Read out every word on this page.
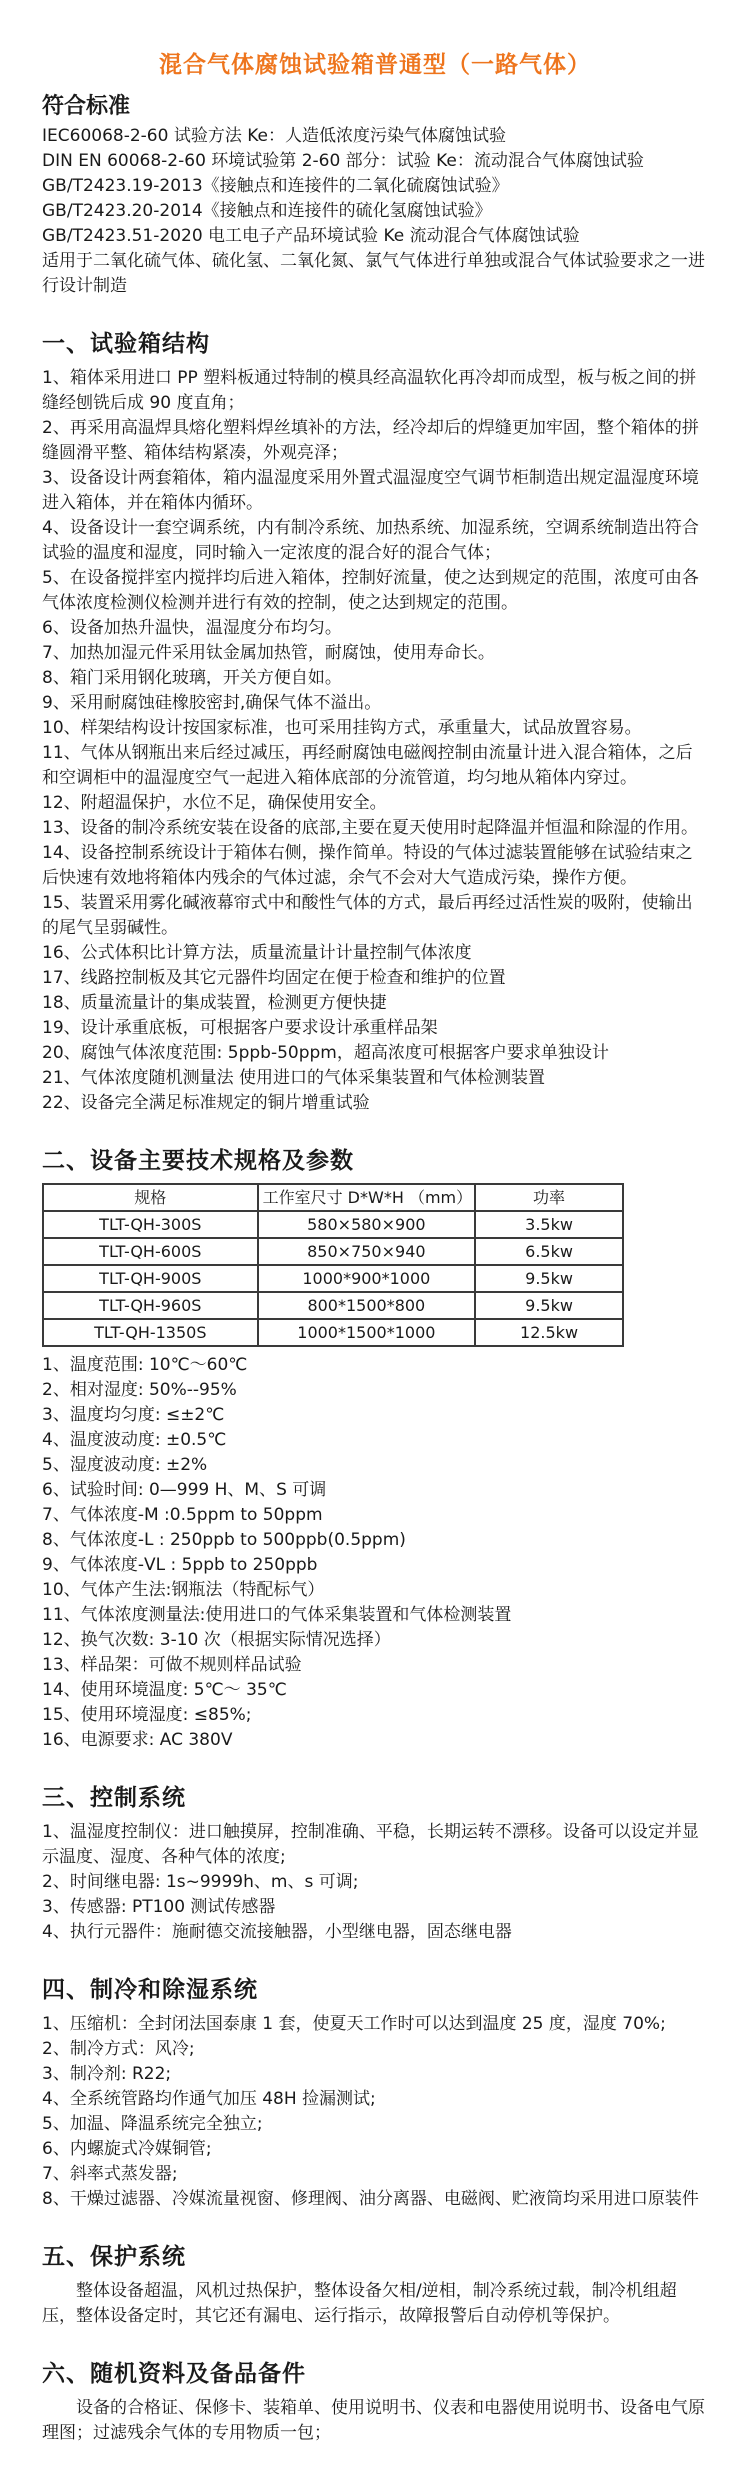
混合气体腐蚀试验箱普通型（一路气体）
符合标准

IEC60068-2-60 试验方法 Ke：人造低浓度污染气体腐蚀试验

DIN EN 60068-2-60 环境试验第 2-60 部分：试验 Ke：流动混合气体腐蚀试验

GB/T2423.19-2013《接触点和连接件的二氧化硫腐蚀试验》

GB/T2423.20-2014《接触点和连接件的硫化氢腐蚀试验》

GB/T2423.51-2020 电工电子产品环境试验 Ke 流动混合气体腐蚀试验

适用于二氧化硫气体、硫化氢、二氧化氮、氯气气体进行单独或混合气体试验要求之一进行设计制造

一、试验箱结构

1、箱体采用进口 PP 塑料板通过特制的模具经高温软化再冷却而成型，板与板之间的拼缝经刨铣后成 90 度直角；

2、再采用高温焊具熔化塑料焊丝填补的方法，经冷却后的焊缝更加牢固，整个箱体的拼缝圆滑平整、箱体结构紧凑，外观亮泽；

3、设备设计两套箱体，箱内温湿度采用外置式温湿度空气调节柜制造出规定温湿度环境进入箱体，并在箱体内循环。

4、设备设计一套空调系统，内有制冷系统、加热系统、加湿系统，空调系统制造出符合试验的温度和湿度，同时输入一定浓度的混合好的混合气体；

5、在设备搅拌室内搅拌均后进入箱体，控制好流量，使之达到规定的范围，浓度可由各气体浓度检测仪检测并进行有效的控制，使之达到规定的范围。

6、设备加热升温快，温湿度分布均匀。

7、加热加湿元件采用钛金属加热管，耐腐蚀，使用寿命长。

8、箱门采用钢化玻璃，开关方便自如。

9、采用耐腐蚀硅橡胶密封,确保气体不溢出。

10、样架结构设计按国家标准，也可采用挂钩方式，承重量大，试品放置容易。

11、气体从钢瓶出来后经过减压，再经耐腐蚀电磁阀控制由流量计进入混合箱体，之后和空调柜中的温湿度空气一起进入箱体底部的分流管道，均匀地从箱体内穿过。

12、附超温保护，水位不足，确保使用安全。

13、设备的制冷系统安装在设备的底部,主要在夏天使用时起降温并恒温和除湿的作用。

14、设备控制系统设计于箱体右侧，操作简单。特设的气体过滤装置能够在试验结束之后快速有效地将箱体内残余的气体过滤，余气不会对大气造成污染，操作方便。

15、装置采用雾化碱液幕帘式中和酸性气体的方式，最后再经过活性炭的吸附，使输出的尾气呈弱碱性。

16、公式体积比计算方法，质量流量计计量控制气体浓度

17、线路控制板及其它元器件均固定在便于检查和维护的位置

18、质量流量计的集成装置，检测更方便快捷

19、设计承重底板，可根据客户要求设计承重样品架

20、腐蚀气体浓度范围: 5ppb-50ppm，超高浓度可根据客户要求单独设计

21、气体浓度随机测量法 使用进口的气体采集装置和气体检测装置

22、设备完全满足标准规定的铜片增重试验

二、设备主要技术规格及参数
规格	工作室尺寸 D*W*H （mm）	功率
TLT-QH-300S	580×580×900	3.5kw
TLT-QH-600S	850×750×940	6.5kw
TLT-QH-900S	1000*900*1000	9.5kw
TLT-QH-960S	800*1500*800	9.5kw
TLT-QH-1350S	1000*1500*1000	12.5kw

1、温度范围: 10℃～60℃

2、相对湿度: 50%--95%

3、温度均匀度: ≤±2℃

4、温度波动度: ±0.5℃

5、湿度波动度: ±2%

6、试验时间: 0—999 H、M、S 可调

7、气体浓度-M :0.5ppm to 50ppm

8、气体浓度-L : 250ppb to 500ppb(0.5ppm)

9、气体浓度-VL : 5ppb to 250ppb

10、气体产生法:钢瓶法（特配标气）

11、气体浓度测量法:使用进口的气体采集装置和气体检测装置

12、换气次数: 3-10 次（根据实际情况选择）

13、样品架：可做不规则样品试验

14、使用环境温度: 5℃～ 35℃

15、使用环境湿度: ≤85%;

16、电源要求: AC 380V

三、控制系统

1、温湿度控制仪：进口触摸屏，控制准确、平稳，长期运转不漂移。设备可以设定并显示温度、湿度、各种气体的浓度;

2、时间继电器: 1s~9999h、m、s 可调;

3、传感器: PT100 测试传感器

4、执行元器件：施耐德交流接触器，小型继电器，固态继电器

四、制冷和除湿系统

1、压缩机：全封闭法国泰康 1 套，使夏天工作时可以达到温度 25 度，湿度 70%;

2、制冷方式：风冷;

3、制冷剂: R22;

4、全系统管路均作通气加压 48H 捡漏测试;

5、加温、降温系统完全独立;

6、内螺旋式冷媒铜管;

7、斜率式蒸发器;

8、干燥过滤器、冷媒流量视窗、修理阀、油分离器、电磁阀、贮液筒均采用进口原装件

五、保护系统

整体设备超温，风机过热保护，整体设备欠相/逆相，制冷系统过载，制冷机组超压，整体设备定时，其它还有漏电、运行指示，故障报警后自动停机等保护。

六、随机资料及备品备件

设备的合格证、保修卡、装箱单、使用说明书、仪表和电器使用说明书、设备电气原理图；过滤残余气体的专用物质一包；
